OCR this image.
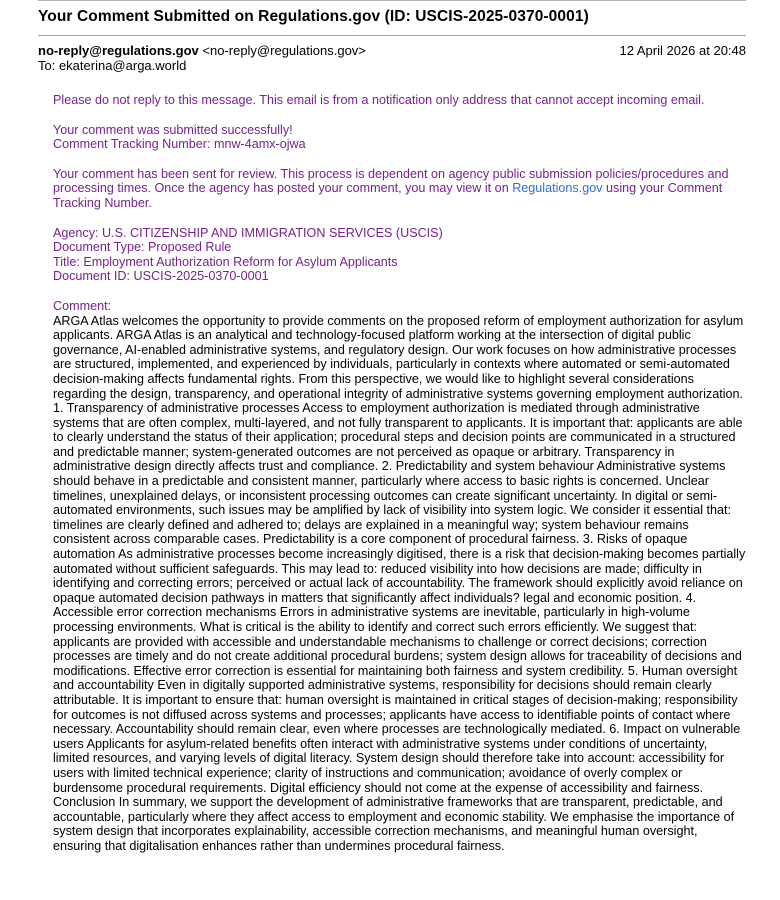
Your Comment Submitted on Regulations.gov (ID: USCIS-2025-0370-0001)
no-reply@regulations.gov <no-reply@regulations.gov>	12 April 2026 at 20:48
To: ekaterina@arga.world

Please do not reply to this message. This email is from a notification only address that cannot accept incoming email.

Your comment was submitted successfully!
Comment Tracking Number: mnw-4amx-ojwa

Your comment has been sent for review. This process is dependent on agency public submission policies/procedures and processing times. Once the agency has posted your comment, you may view it on Regulations.gov using your Comment Tracking Number.

Agency: U.S. CITIZENSHIP AND IMMIGRATION SERVICES (USCIS)
Document Type: Proposed Rule
Title: Employment Authorization Reform for Asylum Applicants
Document ID: USCIS-2025-0370-0001

Comment:
ARGA Atlas welcomes the opportunity to provide comments on the proposed reform of employment authorization for asylum applicants. ARGA Atlas is an analytical and technology-focused platform working at the intersection of digital public governance, AI-enabled administrative systems, and regulatory design. Our work focuses on how administrative processes are structured, implemented, and experienced by individuals, particularly in contexts where automated or semi-automated decision-making affects fundamental rights. From this perspective, we would like to highlight several considerations regarding the design, transparency, and operational integrity of administrative systems governing employment authorization. 1. Transparency of administrative processes Access to employment authorization is mediated through administrative systems that are often complex, multi-layered, and not fully transparent to applicants. It is important that: applicants are able to clearly understand the status of their application; procedural steps and decision points are communicated in a structured and predictable manner; system-generated outcomes are not perceived as opaque or arbitrary. Transparency in administrative design directly affects trust and compliance. 2. Predictability and system behaviour Administrative systems should behave in a predictable and consistent manner, particularly where access to basic rights is concerned. Unclear timelines, unexplained delays, or inconsistent processing outcomes can create significant uncertainty. In digital or semi-automated environments, such issues may be amplified by lack of visibility into system logic. We consider it essential that: timelines are clearly defined and adhered to; delays are explained in a meaningful way; system behaviour remains consistent across comparable cases. Predictability is a core component of procedural fairness. 3. Risks of opaque automation As administrative processes become increasingly digitised, there is a risk that decision-making becomes partially automated without sufficient safeguards. This may lead to: reduced visibility into how decisions are made; difficulty in identifying and correcting errors; perceived or actual lack of accountability. The framework should explicitly avoid reliance on opaque automated decision pathways in matters that significantly affect individuals? legal and economic position. 4. Accessible error correction mechanisms Errors in administrative systems are inevitable, particularly in high-volume processing environments. What is critical is the ability to identify and correct such errors efficiently. We suggest that: applicants are provided with accessible and understandable mechanisms to challenge or correct decisions; correction processes are timely and do not create additional procedural burdens; system design allows for traceability of decisions and modifications. Effective error correction is essential for maintaining both fairness and system credibility. 5. Human oversight and accountability Even in digitally supported administrative systems, responsibility for decisions should remain clearly attributable. It is important to ensure that: human oversight is maintained in critical stages of decision-making; responsibility for outcomes is not diffused across systems and processes; applicants have access to identifiable points of contact where necessary. Accountability should remain clear, even where processes are technologically mediated. 6. Impact on vulnerable users Applicants for asylum-related benefits often interact with administrative systems under conditions of uncertainty, limited resources, and varying levels of digital literacy. System design should therefore take into account: accessibility for users with limited technical experience; clarity of instructions and communication; avoidance of overly complex or burdensome procedural requirements. Digital efficiency should not come at the expense of accessibility and fairness. Conclusion In summary, we support the development of administrative frameworks that are transparent, predictable, and accountable, particularly where they affect access to employment and economic stability. We emphasise the importance of system design that incorporates explainability, accessible correction mechanisms, and meaningful human oversight, ensuring that digitalisation enhances rather than undermines procedural fairness.
